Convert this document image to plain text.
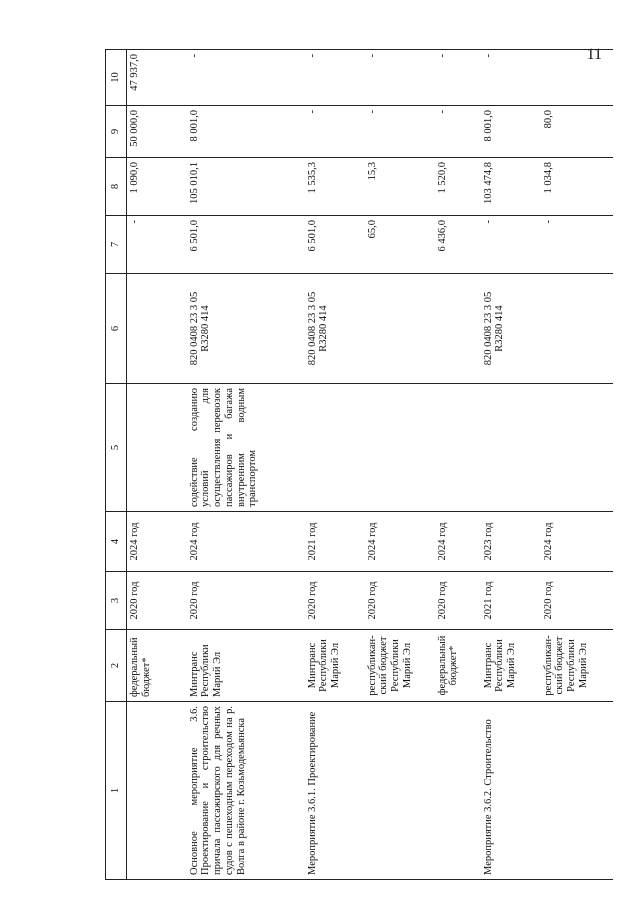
11
1	2	3	4	5	6	7	8	9	10
	федеральный бюджет*	2020 год	2024 год			-	1 090,0	50 000,0	47 937,0
Основное мероприятие 3.6. Проектирование и строительство причала пассажирского для речных судов с пешеходным переходом на р. Волга в районе г. Козьмодемьянска	Минтранс Республики Марий Эл	2020 год	2024 год	содействие созданию условий для осуществления перевозок пассажиров и багажа внутренним водным транспортом	820 0408 23 3 05 R3280 414	6 501,0	105 010,1	8 001,0	-
Мероприятие 3.6.1. Проектирование	Минтранс Республики Марий Эл	2020 год	2021 год		820 0408 23 3 05 R3280 414	6 501,0	1 535,3	-	-
	республикан-ский бюджет Республики Марий Эл	2020 год	2024 год			65,0	15,3	-	-
	федеральный бюджет*	2020 год	2024 год			6 436,0	1 520,0	-	-
Мероприятие 3.6.2. Строительство	Минтранс Республики Марий Эл	2021 год	2023 год		820 0408 23 3 05 R3280 414	-	103 474,8	8 001,0	-
	республикан-ский бюджет Республики Марий Эл	2020 год	2024 год			-	1 034,8	80,0	
